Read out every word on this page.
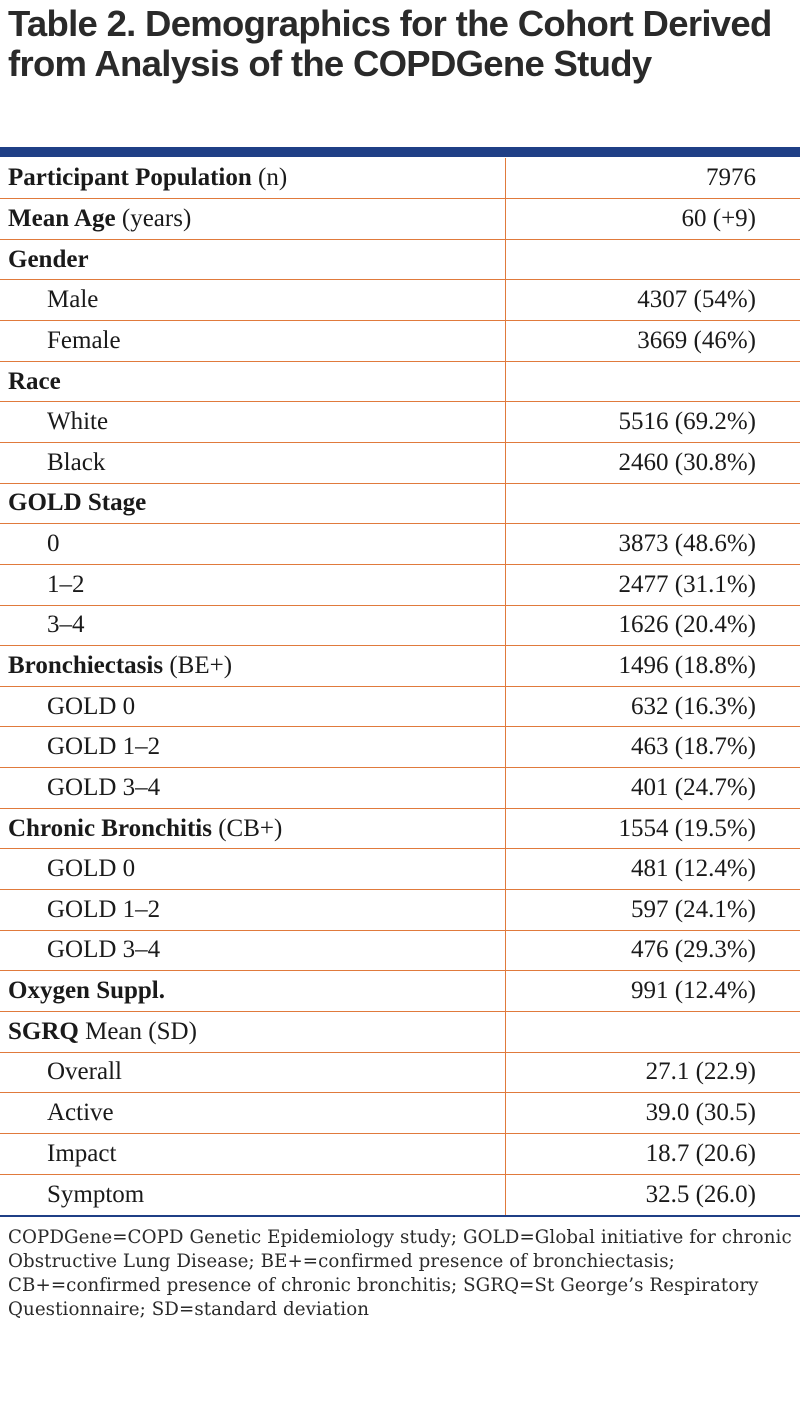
Table 2. Demographics for the Cohort Derived from Analysis of the COPDGene Study
Participant Population (n)	7976
Mean Age (years)	60 (+9)
Gender	
Male	4307 (54%)
Female	3669 (46%)
Race	
White	5516 (69.2%)
Black	2460 (30.8%)
GOLD Stage	
0	3873 (48.6%)
1–2	2477 (31.1%)
3–4	1626 (20.4%)
Bronchiectasis (BE+)	1496 (18.8%)
GOLD 0	632 (16.3%)
GOLD 1–2	463 (18.7%)
GOLD 3–4	401 (24.7%)
Chronic Bronchitis (CB+)	1554 (19.5%)
GOLD 0	481 (12.4%)
GOLD 1–2	597 (24.1%)
GOLD 3–4	476 (29.3%)
Oxygen Suppl.	991 (12.4%)
SGRQ Mean (SD)	
Overall	27.1 (22.9)
Active	39.0 (30.5)
Impact	18.7 (20.6)
Symptom	32.5 (26.0)
COPDGene=COPD Genetic Epidemiology study; GOLD=Global initiative for chronic Obstructive Lung Disease; BE+=confirmed presence of bronchiectasis; CB+=confirmed presence of chronic bronchitis; SGRQ=St George’s Respiratory Questionnaire; SD=standard deviation
